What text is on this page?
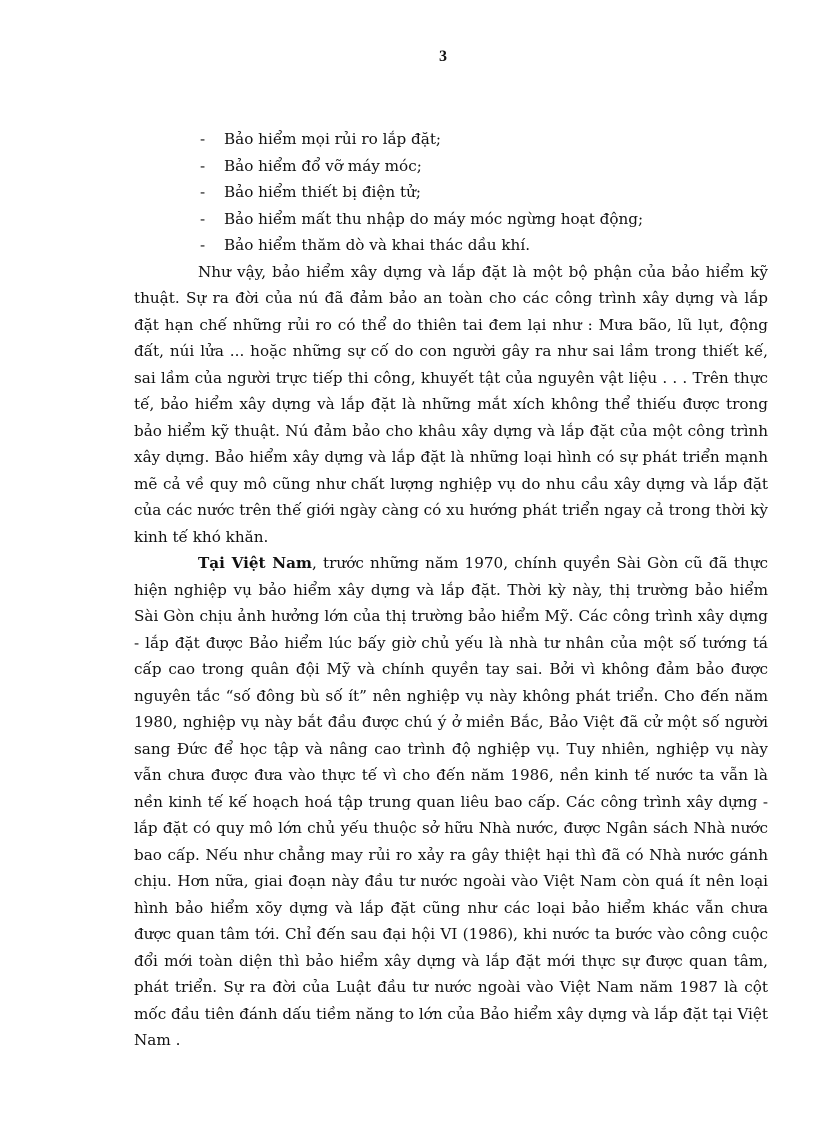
3

- Bảo hiểm mọi rủi ro lắp đặt;
- Bảo hiểm đổ vỡ máy móc;
- Bảo hiểm thiết bị điện tử;
- Bảo hiểm mất thu nhập do máy móc ngừng hoạt động;
- Bảo hiểm thăm dò và khai thác dầu khí.

Như vậy, bảo hiểm xây dựng và lắp đặt là một bộ phận của bảo hiểm kỹ thuật. Sự ra đời của nú đã đảm bảo an toàn cho các công trình xây dựng và lắp đặt hạn chế những rủi ro có thể do thiên tai đem lại như : Mưa bão, lũ lụt, động đất, núi lửa ... hoặc những sự cố do con người gây ra như sai lầm trong thiết kế, sai lầm của người trực tiếp thi công, khuyết tật của nguyên vật liệu . . . Trên thực tế, bảo hiểm xây dựng và lắp đặt là những mắt xích không thể thiếu được trong bảo hiểm kỹ thuật. Nú đảm bảo cho khâu xây dựng và lắp đặt của một công trình xây dựng. Bảo hiểm xây dựng và lắp đặt là những loại hình có sự phát triển mạnh mẽ cả về quy mô cũng như chất lượng nghiệp vụ do nhu cầu xây dựng và lắp đặt của các nước trên thế giới ngày càng có xu hướng phát triển ngay cả trong thời kỳ kinh tế khó khăn.

Tại Việt Nam, trước những năm 1970, chính quyền Sài Gòn cũ đã thực hiện nghiệp vụ bảo hiểm xây dựng và lắp đặt. Thời kỳ này, thị trường bảo hiểm Sài Gòn chịu ảnh hưởng lớn của thị trường bảo hiểm Mỹ. Các công trình xây dựng - lắp đặt được Bảo hiểm lúc bấy giờ chủ yếu là nhà tư nhân của một số tướng tá cấp cao trong quân đội Mỹ và chính quyền tay sai. Bởi vì không đảm bảo được nguyên tắc “số đông bù số ít” nên nghiệp vụ này không phát triển. Cho đến năm 1980, nghiệp vụ này bắt đầu được chú ý ở miền Bắc, Bảo Việt đã cử một số người sang Đức để học tập và nâng cao trình độ nghiệp vụ. Tuy nhiên, nghiệp vụ này vẫn chưa được đưa vào thực tế vì cho đến năm 1986, nền kinh tế nước ta vẫn là nền kinh tế kế hoạch hoá tập trung quan liêu bao cấp. Các công trình xây dựng - lắp đặt có quy mô lớn chủ yếu thuộc sở hữu Nhà nước, được Ngân sách Nhà nước bao cấp. Nếu như chẳng may rủi ro xảy ra gây thiệt hại thì đã có Nhà nước gánh chịu. Hơn nữa, giai đoạn này đầu tư nước ngoài vào Việt Nam còn quá ít nên loại hình bảo hiểm xõy dựng và lắp đặt cũng như các loại bảo hiểm khác vẫn chưa được quan tâm tới. Chỉ đến sau đại hội VI (1986), khi nước ta bước vào công cuộc đổi mới toàn diện thì bảo hiểm xây dựng và lắp đặt mới thực sự được quan tâm, phát triển. Sự ra đời của Luật đầu tư nước ngoài vào Việt Nam năm 1987 là cột mốc đầu tiên đánh dấu tiềm năng to lớn của Bảo hiểm xây dựng và lắp đặt tại Việt Nam .
